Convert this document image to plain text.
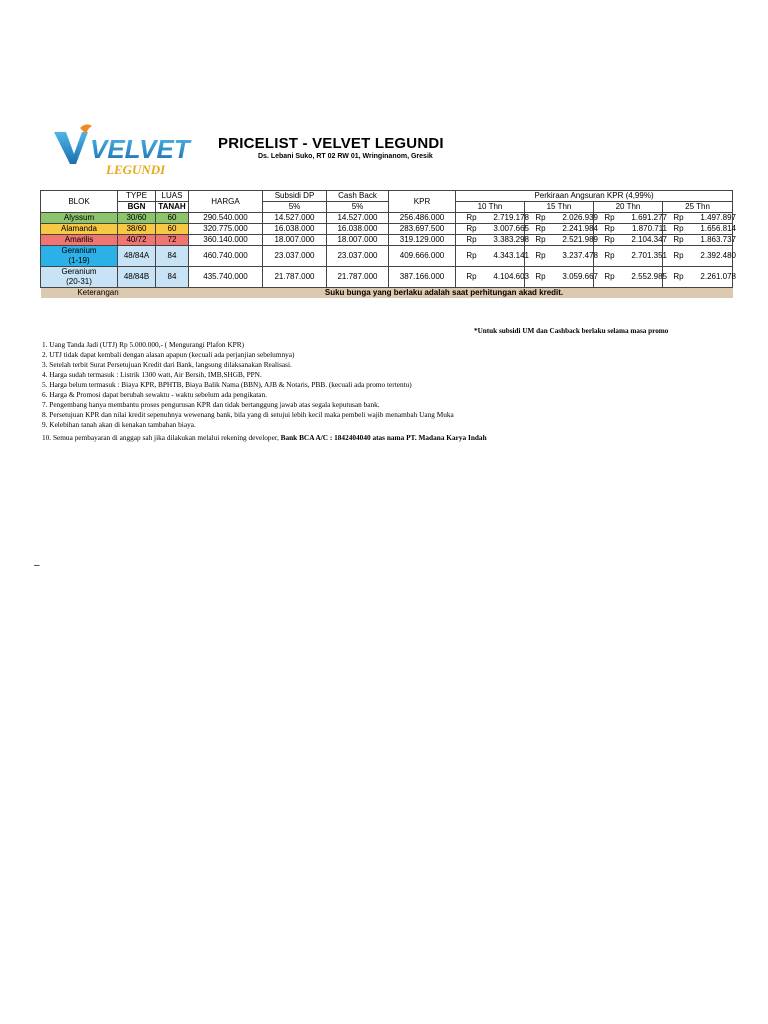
VELVET
LEGUNDI
PRICELIST - VELVET LEGUNDI
Ds. Lebani Suko, RT 02 RW 01, Wringinanom, Gresik
BLOK	TYPE	LUAS	HARGA	Subsidi DP	Cash Back	KPR	Perkiraan Angsuran KPR (4,99%)			
	BGN	TANAH		5%	5%		10 Thn	15 Thn	20 Thn	25 Thn
Alyssum	30/60	60	290.540.000	14.527.000	14.527.000	256.486.000	Rp 2.719.178	Rp 2.026.939	Rp 1.691.277	Rp 1.497.897
Alamanda	38/60	60	320.775.000	16.038.000	16.038.000	283.697.500	Rp 3.007.665	Rp 2.241.984	Rp 1.870.711	Rp 1.656.814
Amarilis	40/72	72	360.140.000	18.007.000	18.007.000	319.129.000	Rp 3.383.298	Rp 2.521.989	Rp 2.104.347	Rp 1.863.737

Geranium
(1-19)	48/84A	84	460.740.000	23.037.000	23.037.000	409.666.000	Rp 4.343.141	Rp 3.237.478	Rp 2.701.351	Rp 2.392.480

Geranium
(20-31)	48/84B	84	435.740.000	21.787.000	21.787.000	387.166.000	Rp 4.104.603	Rp 3.059.667	Rp 2.552.985	Rp 2.261.078
Keterangan		Suku bunga yang berlaku adalah saat perhitungan akad kredit.								
*Untuk subsidi UM dan Cashback berlaku selama masa promo
1. Uang Tanda Jadi (UTJ) Rp 5.000.000,- ( Mengurangi Plafon KPR)
2. UTJ tidak dapat kembali dengan alasan apapun (kecuali ada perjanjian sebelumnya)
3. Setelah terbit Surat Persetujuan Kredit dari Bank, langsung dilaksanakan Realisasi.
4. Harga sudah termasuk : Listrik 1300 watt, Air Bersih, IMB,SHGB, PPN.
5. Harga belum termasuk : Biaya KPR, BPHTB, Biaya Balik Nama (BBN), AJB & Notaris, PBB. (kecuali ada promo tertentu)
6. Harga & Promosi dapat berubah sewaktu - waktu sebelum ada pengikatan.
7. Pengembang hanya membantu proses pengurusan KPR dan tidak bertanggung jawab atas segala keputusan bank.
8. Persetujuan KPR dan nilai kredit sepenuhnya wewenang bank, bila yang di setujui lebih kecil maka pembeli wajib menambah Uang Muka
9. Kelebihan tanah akan di kenakan tambahan biaya.
10. Semua pembayaran di anggap sah jika dilakukan melalui rekening developer, Bank BCA A/C : 1842404040 atas nama PT. Madana Karya Indah
–
